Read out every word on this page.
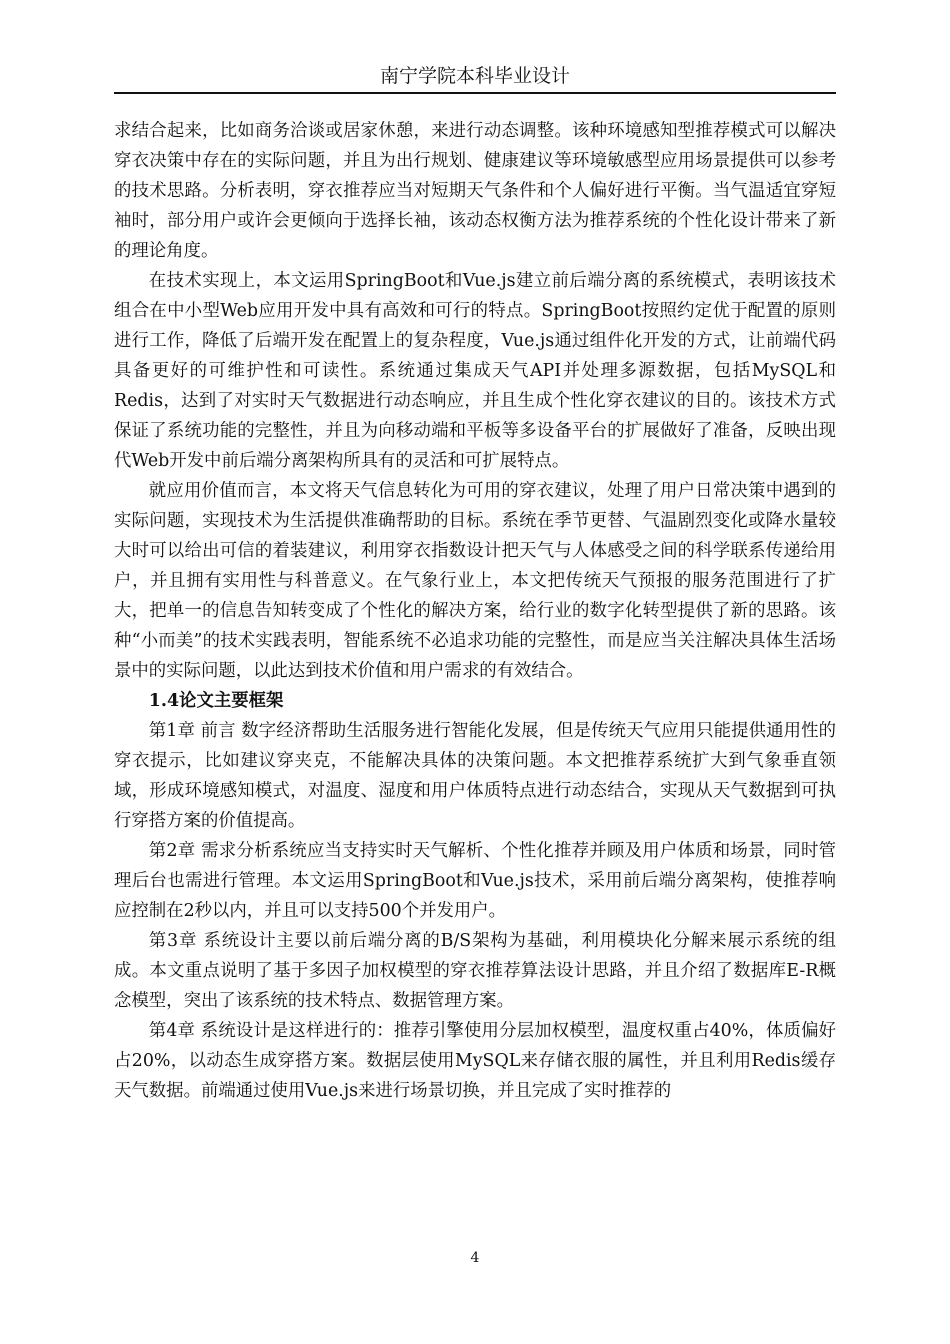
南宁学院本科毕业设计

求结合起来，比如商务洽谈或居家休憩，来进行动态调整。该种环境感知型推荐模式可以解决穿衣决策中存在的实际问题，并且为出行规划、健康建议等环境敏感型应用场景提供可以参考的技术思路。分析表明，穿衣推荐应当对短期天气条件和个人偏好进行平衡。当气温适宜穿短袖时，部分用户或许会更倾向于选择长袖，该动态权衡方法为推荐系统的个性化设计带来了新的理论角度。

在技术实现上，本文运用SpringBoot和Vue.js建立前后端分离的系统模式，表明该技术组合在中小型Web应用开发中具有高效和可行的特点。SpringBoot按照约定优于配置的原则进行工作，降低了后端开发在配置上的复杂程度，Vue.js通过组件化开发的方式，让前端代码具备更好的可维护性和可读性。系统通过集成天气API并处理多源数据，包括MySQL和Redis，达到了对实时天气数据进行动态响应，并且生成个性化穿衣建议的目的。该技术方式保证了系统功能的完整性，并且为向移动端和平板等多设备平台的扩展做好了准备，反映出现代Web开发中前后端分离架构所具有的灵活和可扩展特点。

就应用价值而言，本文将天气信息转化为可用的穿衣建议，处理了用户日常决策中遇到的实际问题，实现技术为生活提供准确帮助的目标。系统在季节更替、气温剧烈变化或降水量较大时可以给出可信的着装建议，利用穿衣指数设计把天气与人体感受之间的科学联系传递给用户，并且拥有实用性与科普意义。在气象行业上，本文把传统天气预报的服务范围进行了扩大，把单一的信息告知转变成了个性化的解决方案，给行业的数字化转型提供了新的思路。该种“小而美”的技术实践表明，智能系统不必追求功能的完整性，而是应当关注解决具体生活场景中的实际问题，以此达到技术价值和用户需求的有效结合。

1.4论文主要框架

第1章 前言 数字经济帮助生活服务进行智能化发展，但是传统天气应用只能提供通用性的穿衣提示，比如建议穿夹克，不能解决具体的决策问题。本文把推荐系统扩大到气象垂直领域，形成环境感知模式，对温度、湿度和用户体质特点进行动态结合，实现从天气数据到可执行穿搭方案的价值提高。

第2章 需求分析系统应当支持实时天气解析、个性化推荐并顾及用户体质和场景，同时管理后台也需进行管理。本文运用SpringBoot和Vue.js技术，采用前后端分离架构，使推荐响应控制在2秒以内，并且可以支持500个并发用户。

第3章 系统设计主要以前后端分离的B/S架构为基础，利用模块化分解来展示系统的组成。本文重点说明了基于多因子加权模型的穿衣推荐算法设计思路，并且介绍了数据库E-R概念模型，突出了该系统的技术特点、数据管理方案。

第4章 系统设计是这样进行的：推荐引擎使用分层加权模型，温度权重占40%，体质偏好占20%，以动态生成穿搭方案。数据层使用MySQL来存储衣服的属性，并且利用Redis缓存天气数据。前端通过使用Vue.js来进行场景切换，并且完成了实时推荐的

4
